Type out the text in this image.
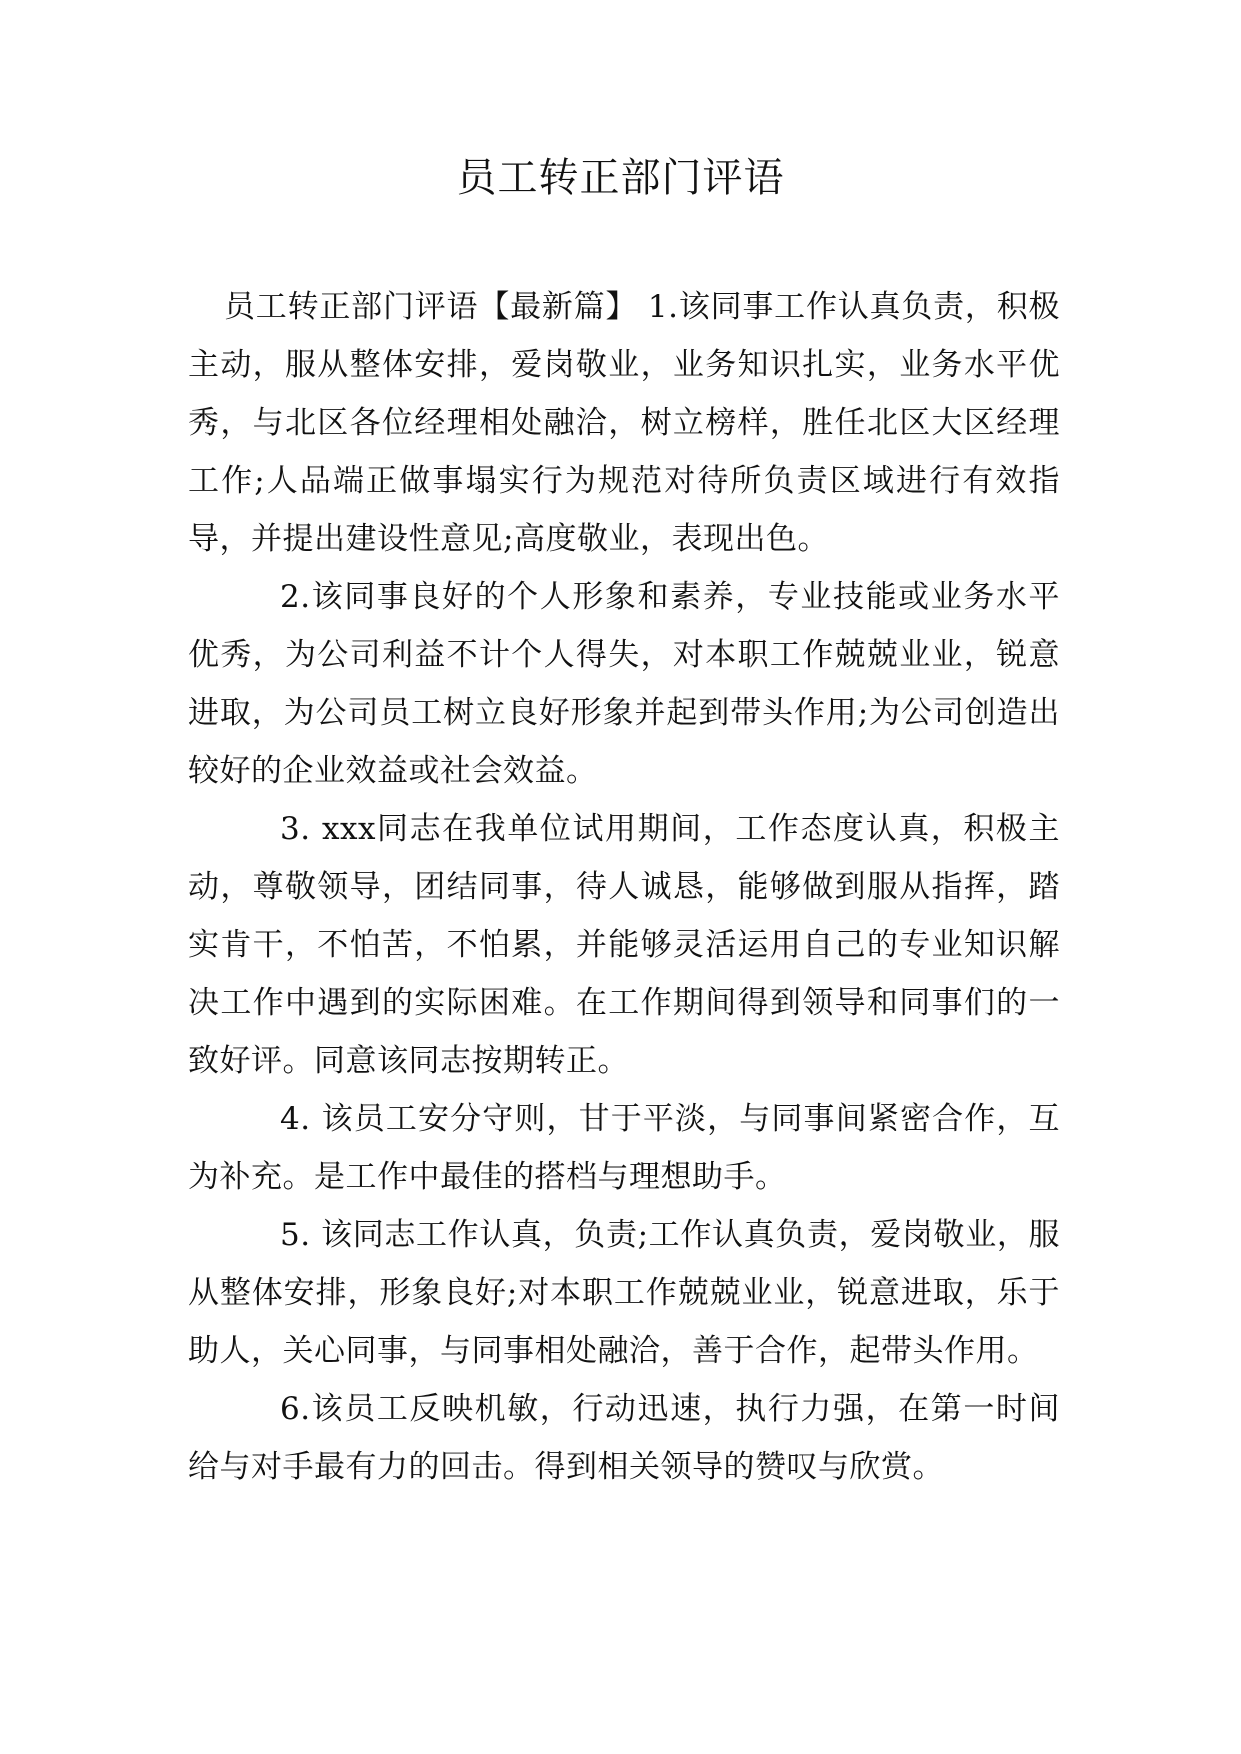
员工转正部门评语

员工转正部门评语【最新篇】 1.该同事工作认真负责，积极主动，服从整体安排，爱岗敬业，业务知识扎实，业务水平优秀，与北区各位经理相处融洽，树立榜样，胜任北区大区经理工作;人品端正做事塌实行为规范对待所负责区域进行有效指导，并提出建设性意见;高度敬业，表现出色。

2.该同事良好的个人形象和素养，专业技能或业务水平优秀，为公司利益不计个人得失，对本职工作兢兢业业，锐意进取，为公司员工树立良好形象并起到带头作用;为公司创造出较好的企业效益或社会效益。

3. xxx同志在我单位试用期间，工作态度认真，积极主动，尊敬领导，团结同事，待人诚恳，能够做到服从指挥，踏实肯干，不怕苦，不怕累，并能够灵活运用自己的专业知识解决工作中遇到的实际困难。在工作期间得到领导和同事们的一致好评。同意该同志按期转正。

4. 该员工安分守则，甘于平淡，与同事间紧密合作，互为补充。是工作中最佳的搭档与理想助手。

5. 该同志工作认真，负责;工作认真负责，爱岗敬业，服从整体安排，形象良好;对本职工作兢兢业业，锐意进取，乐于助人，关心同事，与同事相处融洽，善于合作，起带头作用。

6.该员工反映机敏，行动迅速，执行力强，在第一时间给与对手最有力的回击。得到相关领导的赞叹与欣赏。
